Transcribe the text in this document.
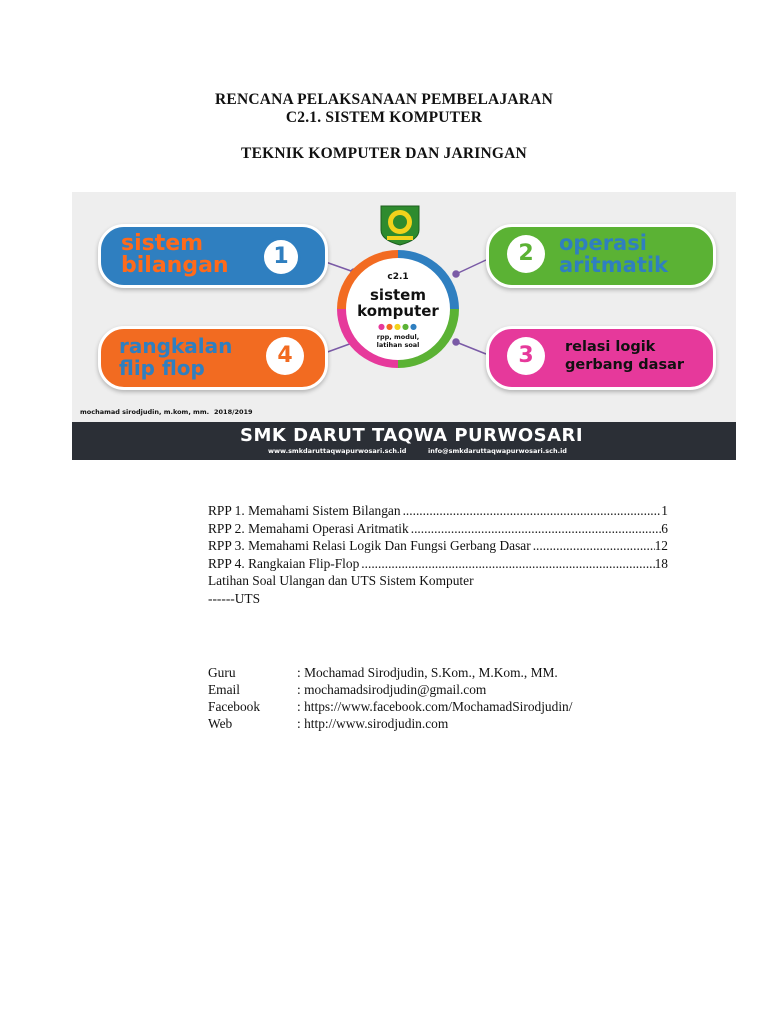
RENCANA PELAKSANAAN PEMBELAJARAN
C2.1. SISTEM KOMPUTER
TEKNIK KOMPUTER DAN JARINGAN
sistem
bilangan	1	2	operasi
aritmatik
rangkalan
flip flop	4	3	relasi logik
gerbang dasar
c2.1
sistem
komputer
●●●●●
rpp, modul,
latihan soal
mochamad sirodjudin, m.kom, mm. 2018/2019
SMK DARUT TAQWA PURWOSARI
www.smkdaruttaqwapurwosari.sch.id	info@smkdaruttaqwapurwosari.sch.id
RPP 1. Memahami Sistem Bilangan .....	1
RPP 2. Memahami Operasi Aritmatik .....	6
RPP 3. Memahami Relasi Logik Dan Fungsi Gerbang Dasar .....	12
RPP 4. Rangkaian Flip-Flop .....	18
Latihan Soal Ulangan dan UTS Sistem Komputer
------UTS
Guru	: Mochamad Sirodjudin, S.Kom., M.Kom., MM.
Email	: mochamadsirodjudin@gmail.com
Facebook	: https://www.facebook.com/MochamadSirodjudin/
Web	: http://www.sirodjudin.com
